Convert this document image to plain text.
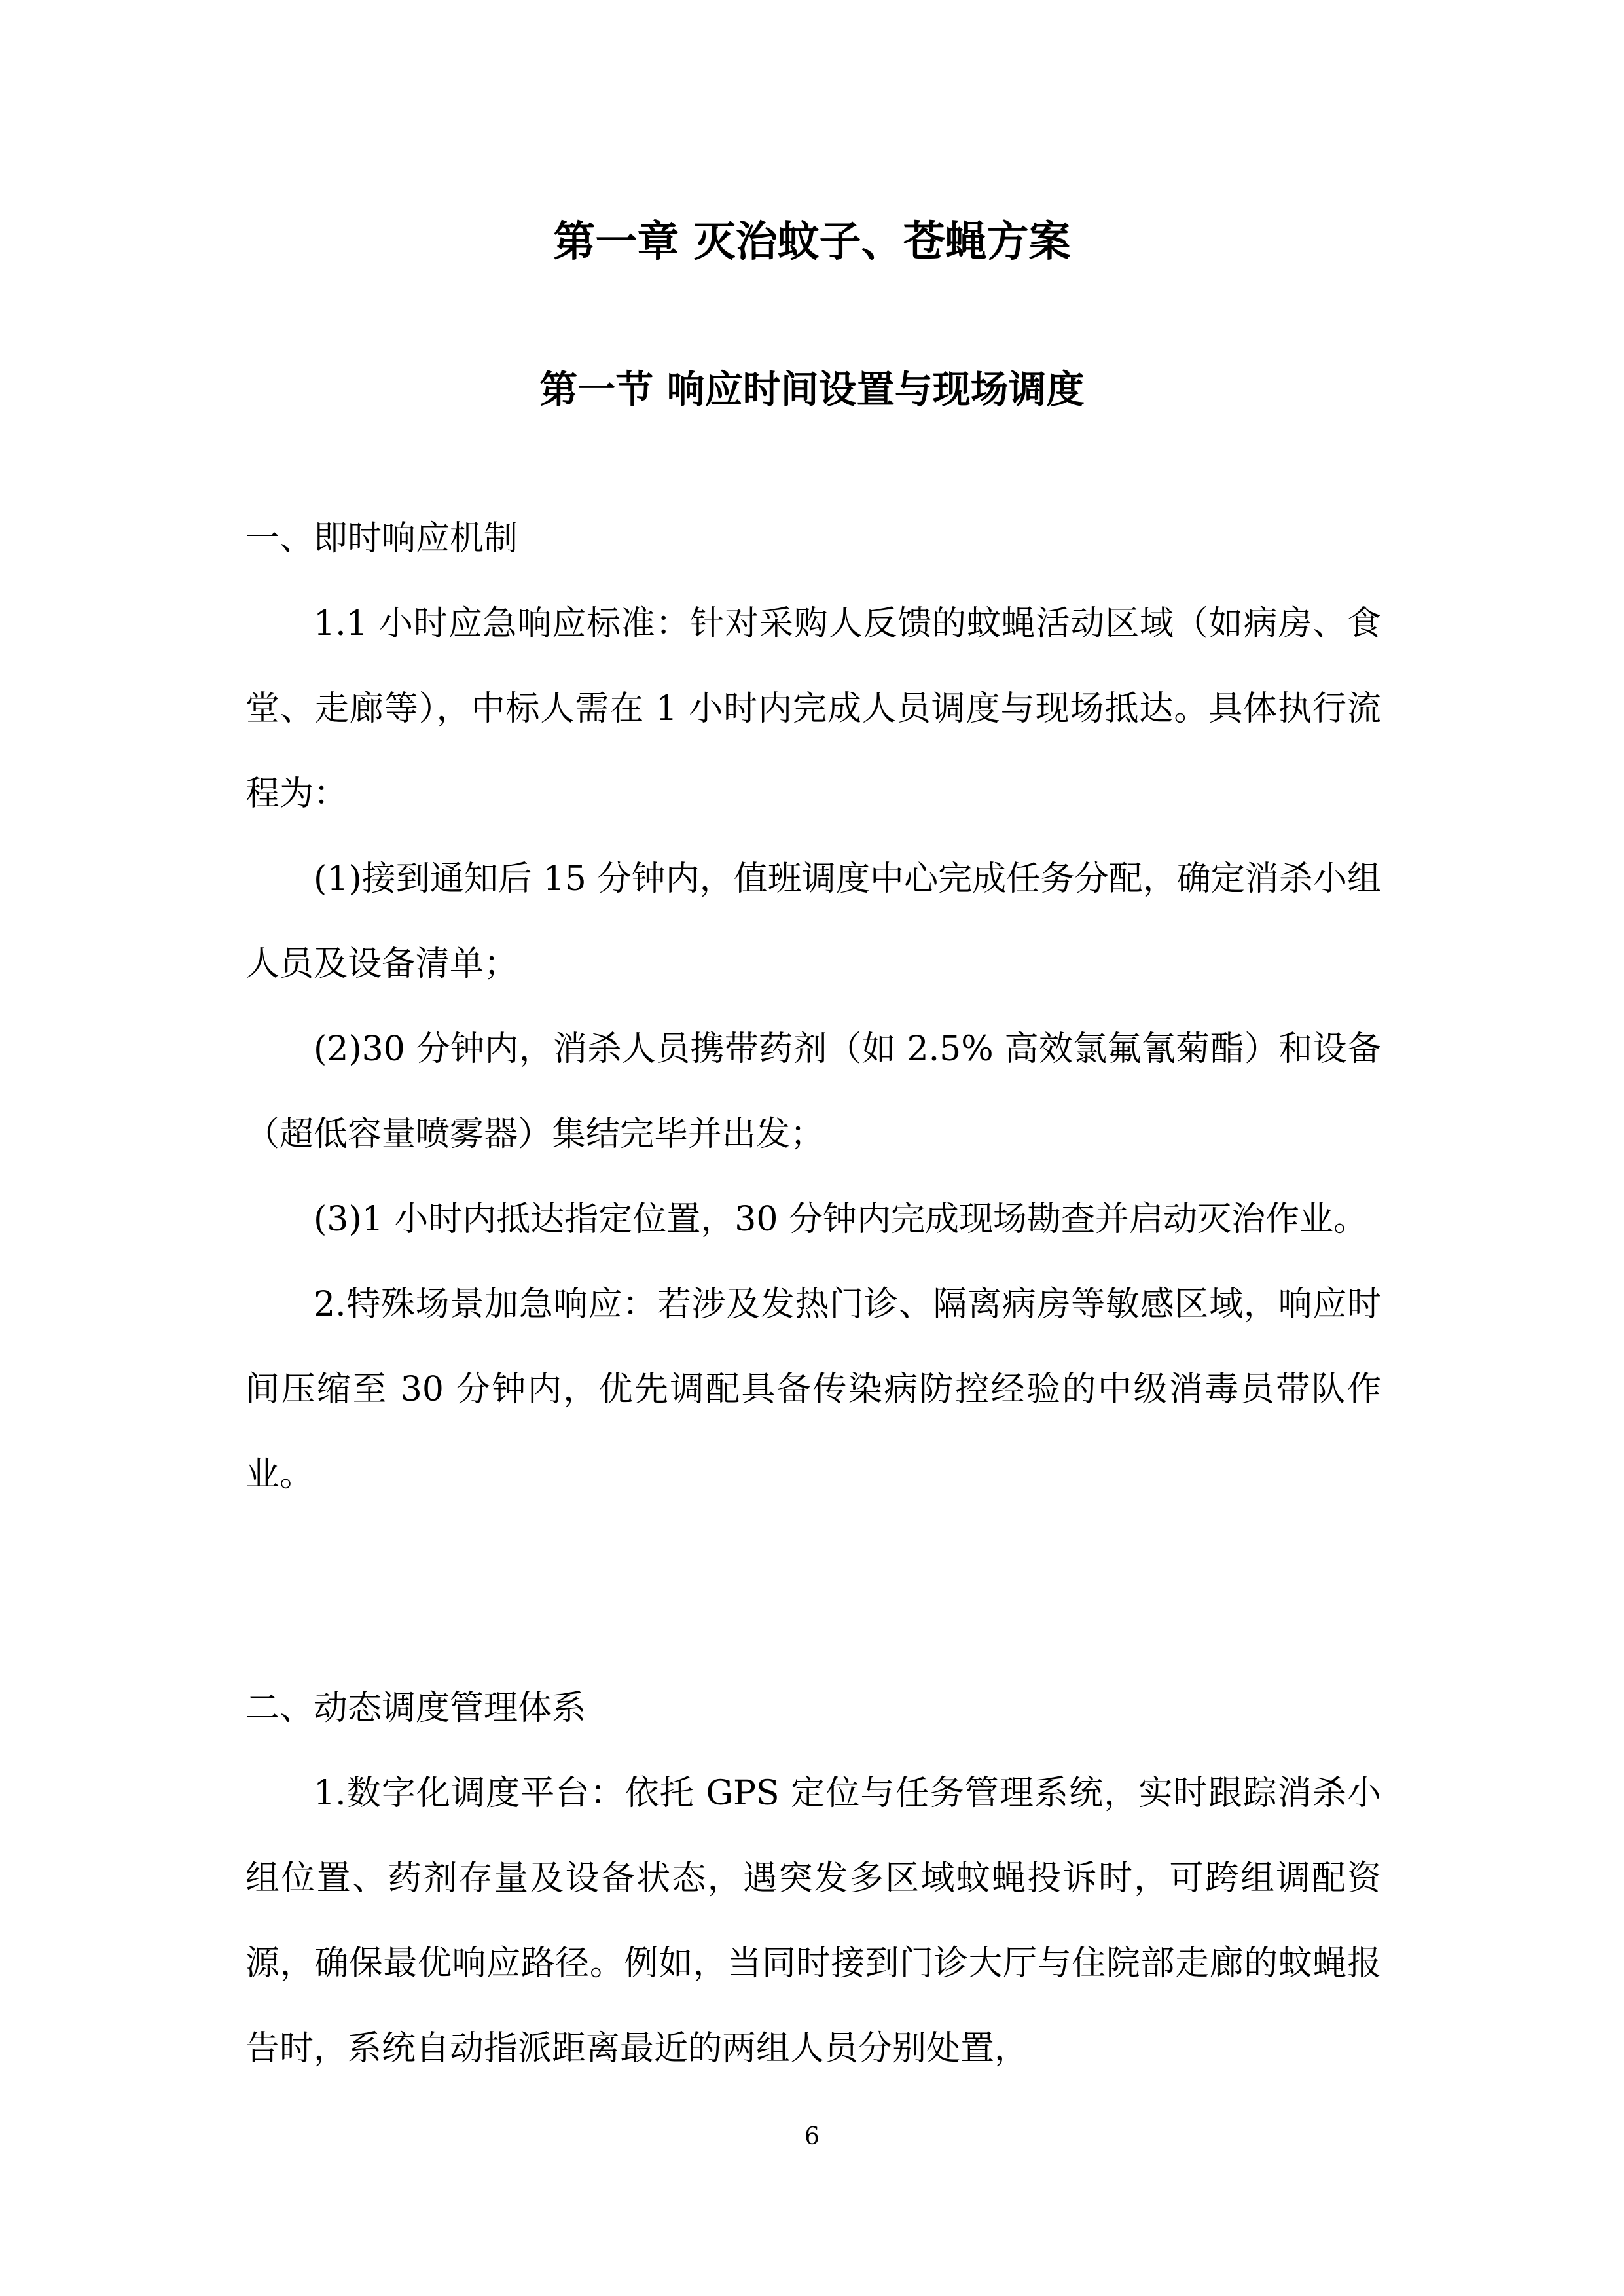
第一章 灭治蚊子、苍蝇方案
第一节 响应时间设置与现场调度
一、即时响应机制

1.1 小时应急响应标准：针对采购人反馈的蚊蝇活动区域（如病房、食堂、走廊等），中标人需在 1 小时内完成人员调度与现场抵达。具体执行流程为：

(1)接到通知后 15 分钟内，值班调度中心完成任务分配，确定消杀小组人员及设备清单；

(2)30 分钟内，消杀人员携带药剂（如 2.5% 高效氯氟氰菊酯）和设备（超低容量喷雾器）集结完毕并出发；

(3)1 小时内抵达指定位置，30 分钟内完成现场勘查并启动灭治作业。

2.特殊场景加急响应：若涉及发热门诊、隔离病房等敏感区域，响应时间压缩至 30 分钟内，优先调配具备传染病防控经验的中级消毒员带队作业。

二、动态调度管理体系

1.数字化调度平台：依托 GPS 定位与任务管理系统，实时跟踪消杀小组位置、药剂存量及设备状态，遇突发多区域蚊蝇投诉时，可跨组调配资源，确保最优响应路径。例如，当同时接到门诊大厅与住院部走廊的蚊蝇报告时，系统自动指派距离最近的两组人员分别处置，

6
